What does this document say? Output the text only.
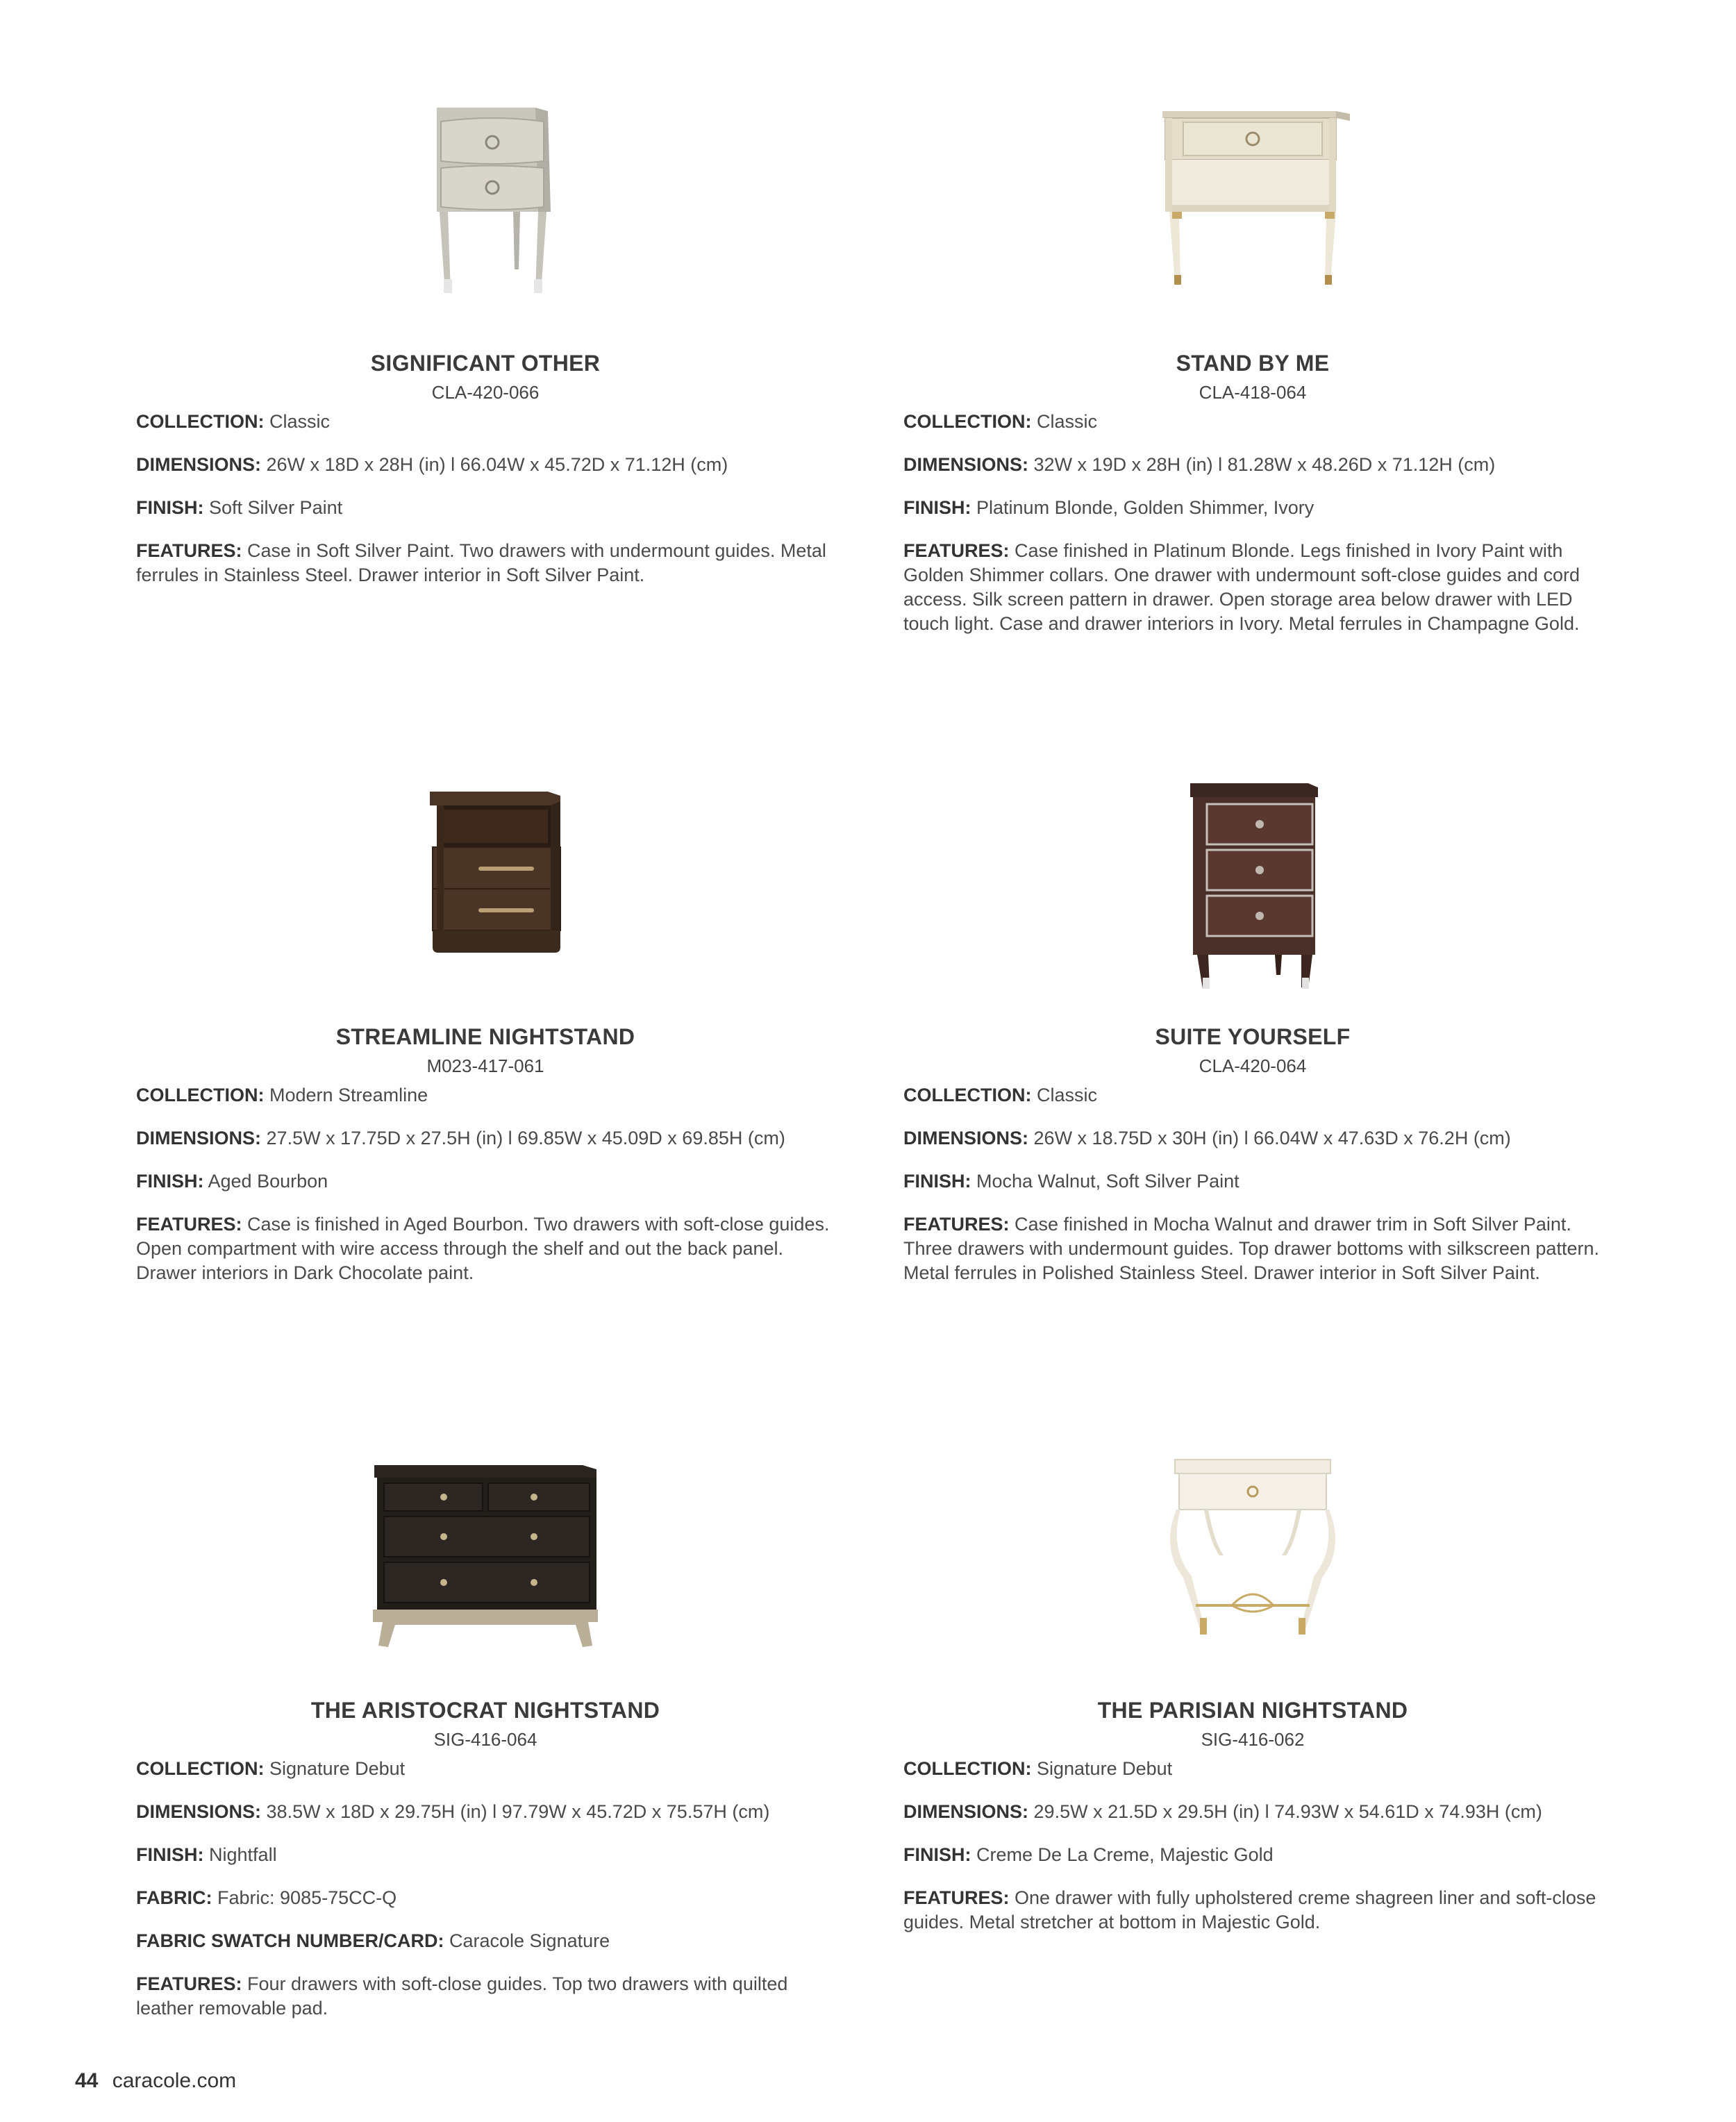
SIGNIFICANT OTHER
CLA-420-066
COLLECTION: Classic
DIMENSIONS: 26W x 18D x 28H (in) l 66.04W x 45.72D x 71.12H (cm)
FINISH: Soft Silver Paint
FEATURES: Case in Soft Silver Paint. Two drawers with undermount guides. Metal ferrules in Stainless Steel. Drawer interior in Soft Silver Paint.
STAND BY ME
CLA-418-064
COLLECTION: Classic
DIMENSIONS: 32W x 19D x 28H (in) l 81.28W x 48.26D x 71.12H (cm)
FINISH: Platinum Blonde, Golden Shimmer, Ivory
FEATURES: Case finished in Platinum Blonde. Legs finished in Ivory Paint with Golden Shimmer collars. One drawer with undermount soft-close guides and cord access. Silk screen pattern in drawer. Open storage area below drawer with LED touch light. Case and drawer interiors in Ivory. Metal ferrules in Champagne Gold.
STREAMLINE NIGHTSTAND
M023-417-061
COLLECTION: Modern Streamline
DIMENSIONS: 27.5W x 17.75D x 27.5H (in) l 69.85W x 45.09D x 69.85H (cm)
FINISH: Aged Bourbon
FEATURES: Case is finished in Aged Bourbon. Two drawers with soft-close guides. Open compartment with wire access through the shelf and out the back panel. Drawer interiors in Dark Chocolate paint.
SUITE YOURSELF
CLA-420-064
COLLECTION: Classic
DIMENSIONS: 26W x 18.75D x 30H (in) l 66.04W x 47.63D x 76.2H (cm)
FINISH: Mocha Walnut, Soft Silver Paint
FEATURES: Case finished in Mocha Walnut and drawer trim in Soft Silver Paint. Three drawers with undermount guides. Top drawer bottoms with silkscreen pattern. Metal ferrules in Polished Stainless Steel. Drawer interior in Soft Silver Paint.
THE ARISTOCRAT NIGHTSTAND
SIG-416-064
COLLECTION: Signature Debut
DIMENSIONS: 38.5W x 18D x 29.75H (in) l 97.79W x 45.72D x 75.57H (cm)
FINISH: Nightfall
FABRIC: Fabric: 9085-75CC-Q
FABRIC SWATCH NUMBER/CARD: Caracole Signature
FEATURES: Four drawers with soft-close guides. Top two drawers with quilted leather removable pad.
THE PARISIAN NIGHTSTAND
SIG-416-062
COLLECTION: Signature Debut
DIMENSIONS: 29.5W x 21.5D x 29.5H (in) l 74.93W x 54.61D x 74.93H (cm)
FINISH: Creme De La Creme, Majestic Gold
FEATURES: One drawer with fully upholstered creme shagreen liner and soft-close guides. Metal stretcher at bottom in Majestic Gold.
44 caracole.com
